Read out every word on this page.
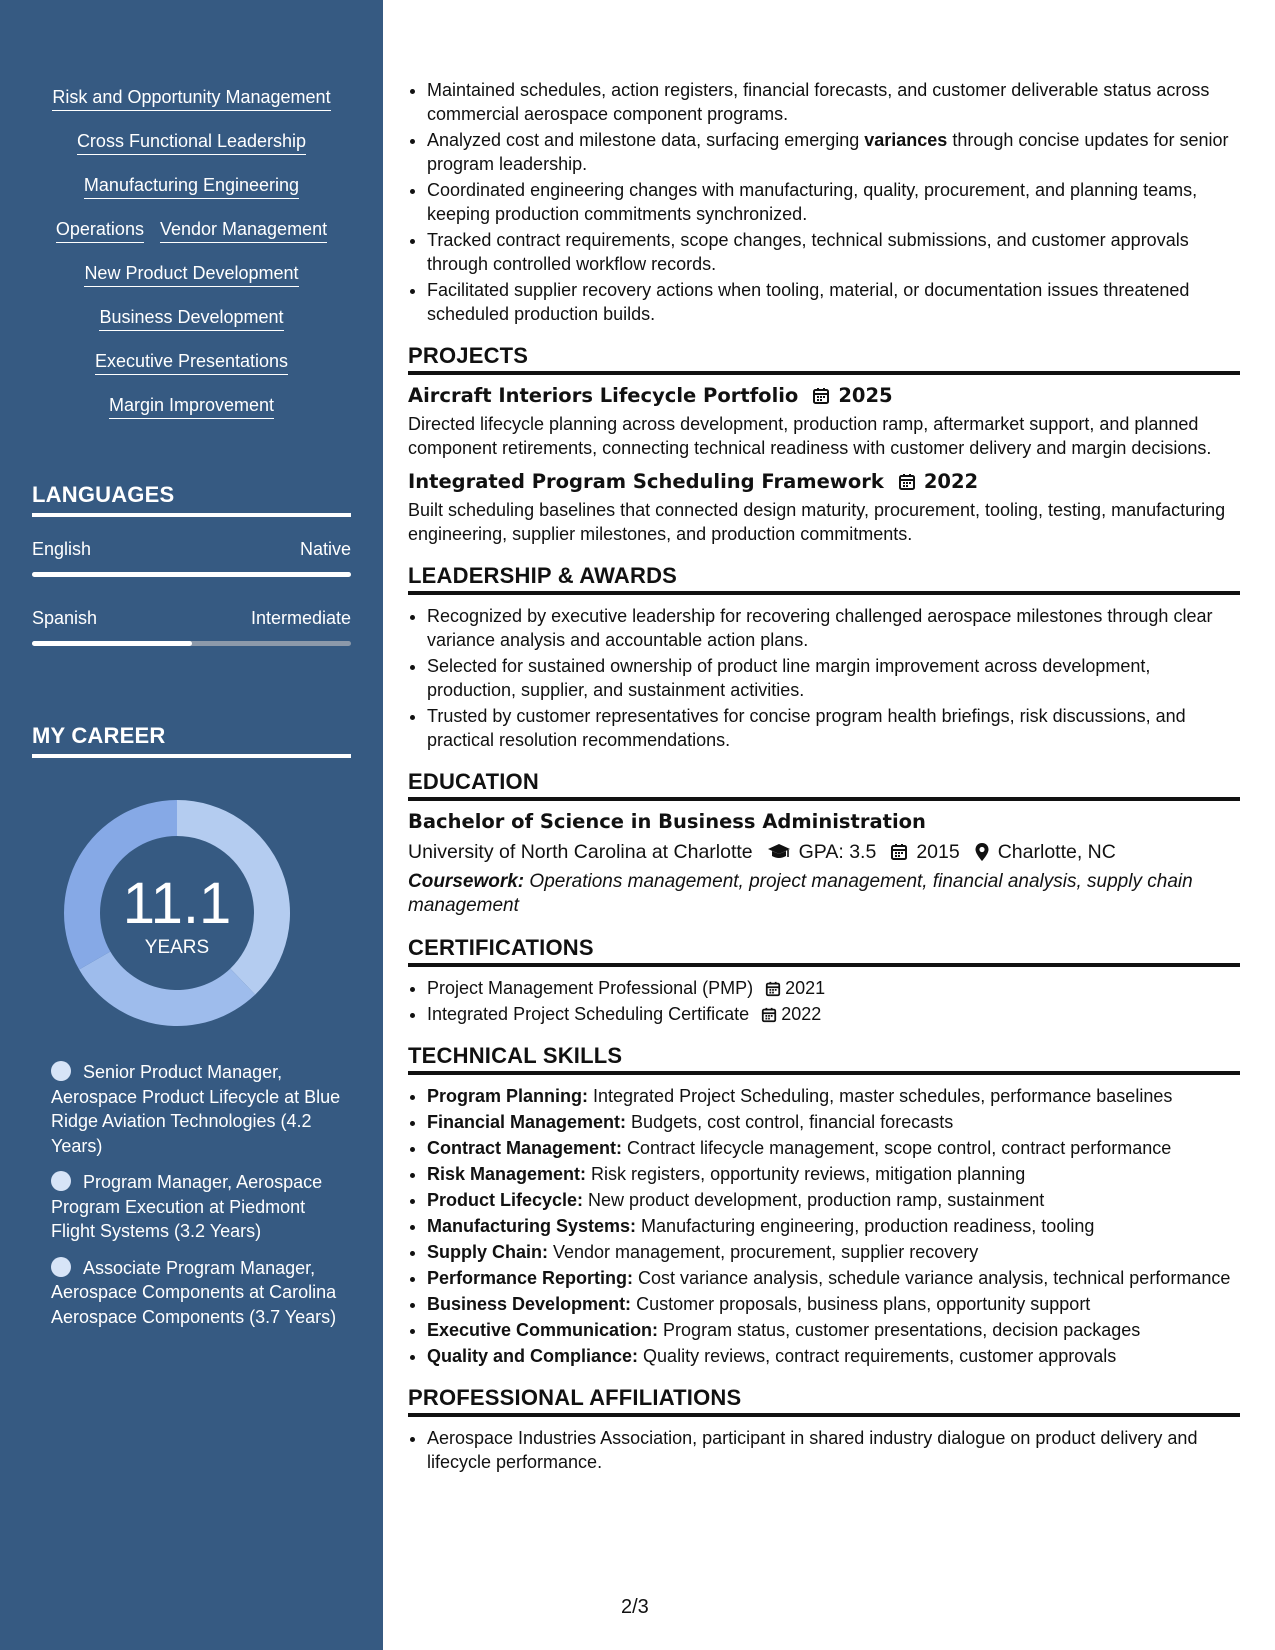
Risk and Opportunity Management
Cross Functional Leadership
Manufacturing Engineering
Operations Vendor Management
New Product Development
Business Development
Executive Presentations
Margin Improvement
LANGUAGES
English	Native
Spanish	Intermediate
MY CAREER
11.1
YEARS
Senior Product Manager, Aerospace Product Lifecycle at Blue Ridge Aviation Technologies (4.2 Years)
Program Manager, Aerospace Program Execution at Piedmont Flight Systems (3.2 Years)
Associate Program Manager, Aerospace Components at Carolina Aerospace Components (3.7 Years)
• Maintained schedules, action registers, financial forecasts, and customer deliverable status across commercial aerospace component programs.
• Analyzed cost and milestone data, surfacing emerging variances through concise updates for senior program leadership.
• Coordinated engineering changes with manufacturing, quality, procurement, and planning teams, keeping production commitments synchronized.
• Tracked contract requirements, scope changes, technical submissions, and customer approvals through controlled workflow records.
• Facilitated supplier recovery actions when tooling, material, or documentation issues threatened scheduled production builds.
PROJECTS
Aircraft Interiors Lifecycle Portfolio 2025
Directed lifecycle planning across development, production ramp, aftermarket support, and planned component retirements, connecting technical readiness with customer delivery and margin decisions.
Integrated Program Scheduling Framework 2022
Built scheduling baselines that connected design maturity, procurement, tooling, testing, manufacturing engineering, supplier milestones, and production commitments.
LEADERSHIP & AWARDS
• Recognized by executive leadership for recovering challenged aerospace milestones through clear variance analysis and accountable action plans.
• Selected for sustained ownership of product line margin improvement across development, production, supplier, and sustainment activities.
• Trusted by customer representatives for concise program health briefings, risk discussions, and practical resolution recommendations.
EDUCATION
Bachelor of Science in Business Administration
University of North Carolina at Charlotte GPA: 3.5 2015 Charlotte, NC
Coursework: Operations management, project management, financial analysis, supply chain management
CERTIFICATIONS
• Project Management Professional (PMP) 2021
• Integrated Project Scheduling Certificate 2022
TECHNICAL SKILLS
• Program Planning: Integrated Project Scheduling, master schedules, performance baselines
• Financial Management: Budgets, cost control, financial forecasts
• Contract Management: Contract lifecycle management, scope control, contract performance
• Risk Management: Risk registers, opportunity reviews, mitigation planning
• Product Lifecycle: New product development, production ramp, sustainment
• Manufacturing Systems: Manufacturing engineering, production readiness, tooling
• Supply Chain: Vendor management, procurement, supplier recovery
• Performance Reporting: Cost variance analysis, schedule variance analysis, technical performance
• Business Development: Customer proposals, business plans, opportunity support
• Executive Communication: Program status, customer presentations, decision packages
• Quality and Compliance: Quality reviews, contract requirements, customer approvals
PROFESSIONAL AFFILIATIONS
• Aerospace Industries Association, participant in shared industry dialogue on product delivery and lifecycle performance.
2/3
